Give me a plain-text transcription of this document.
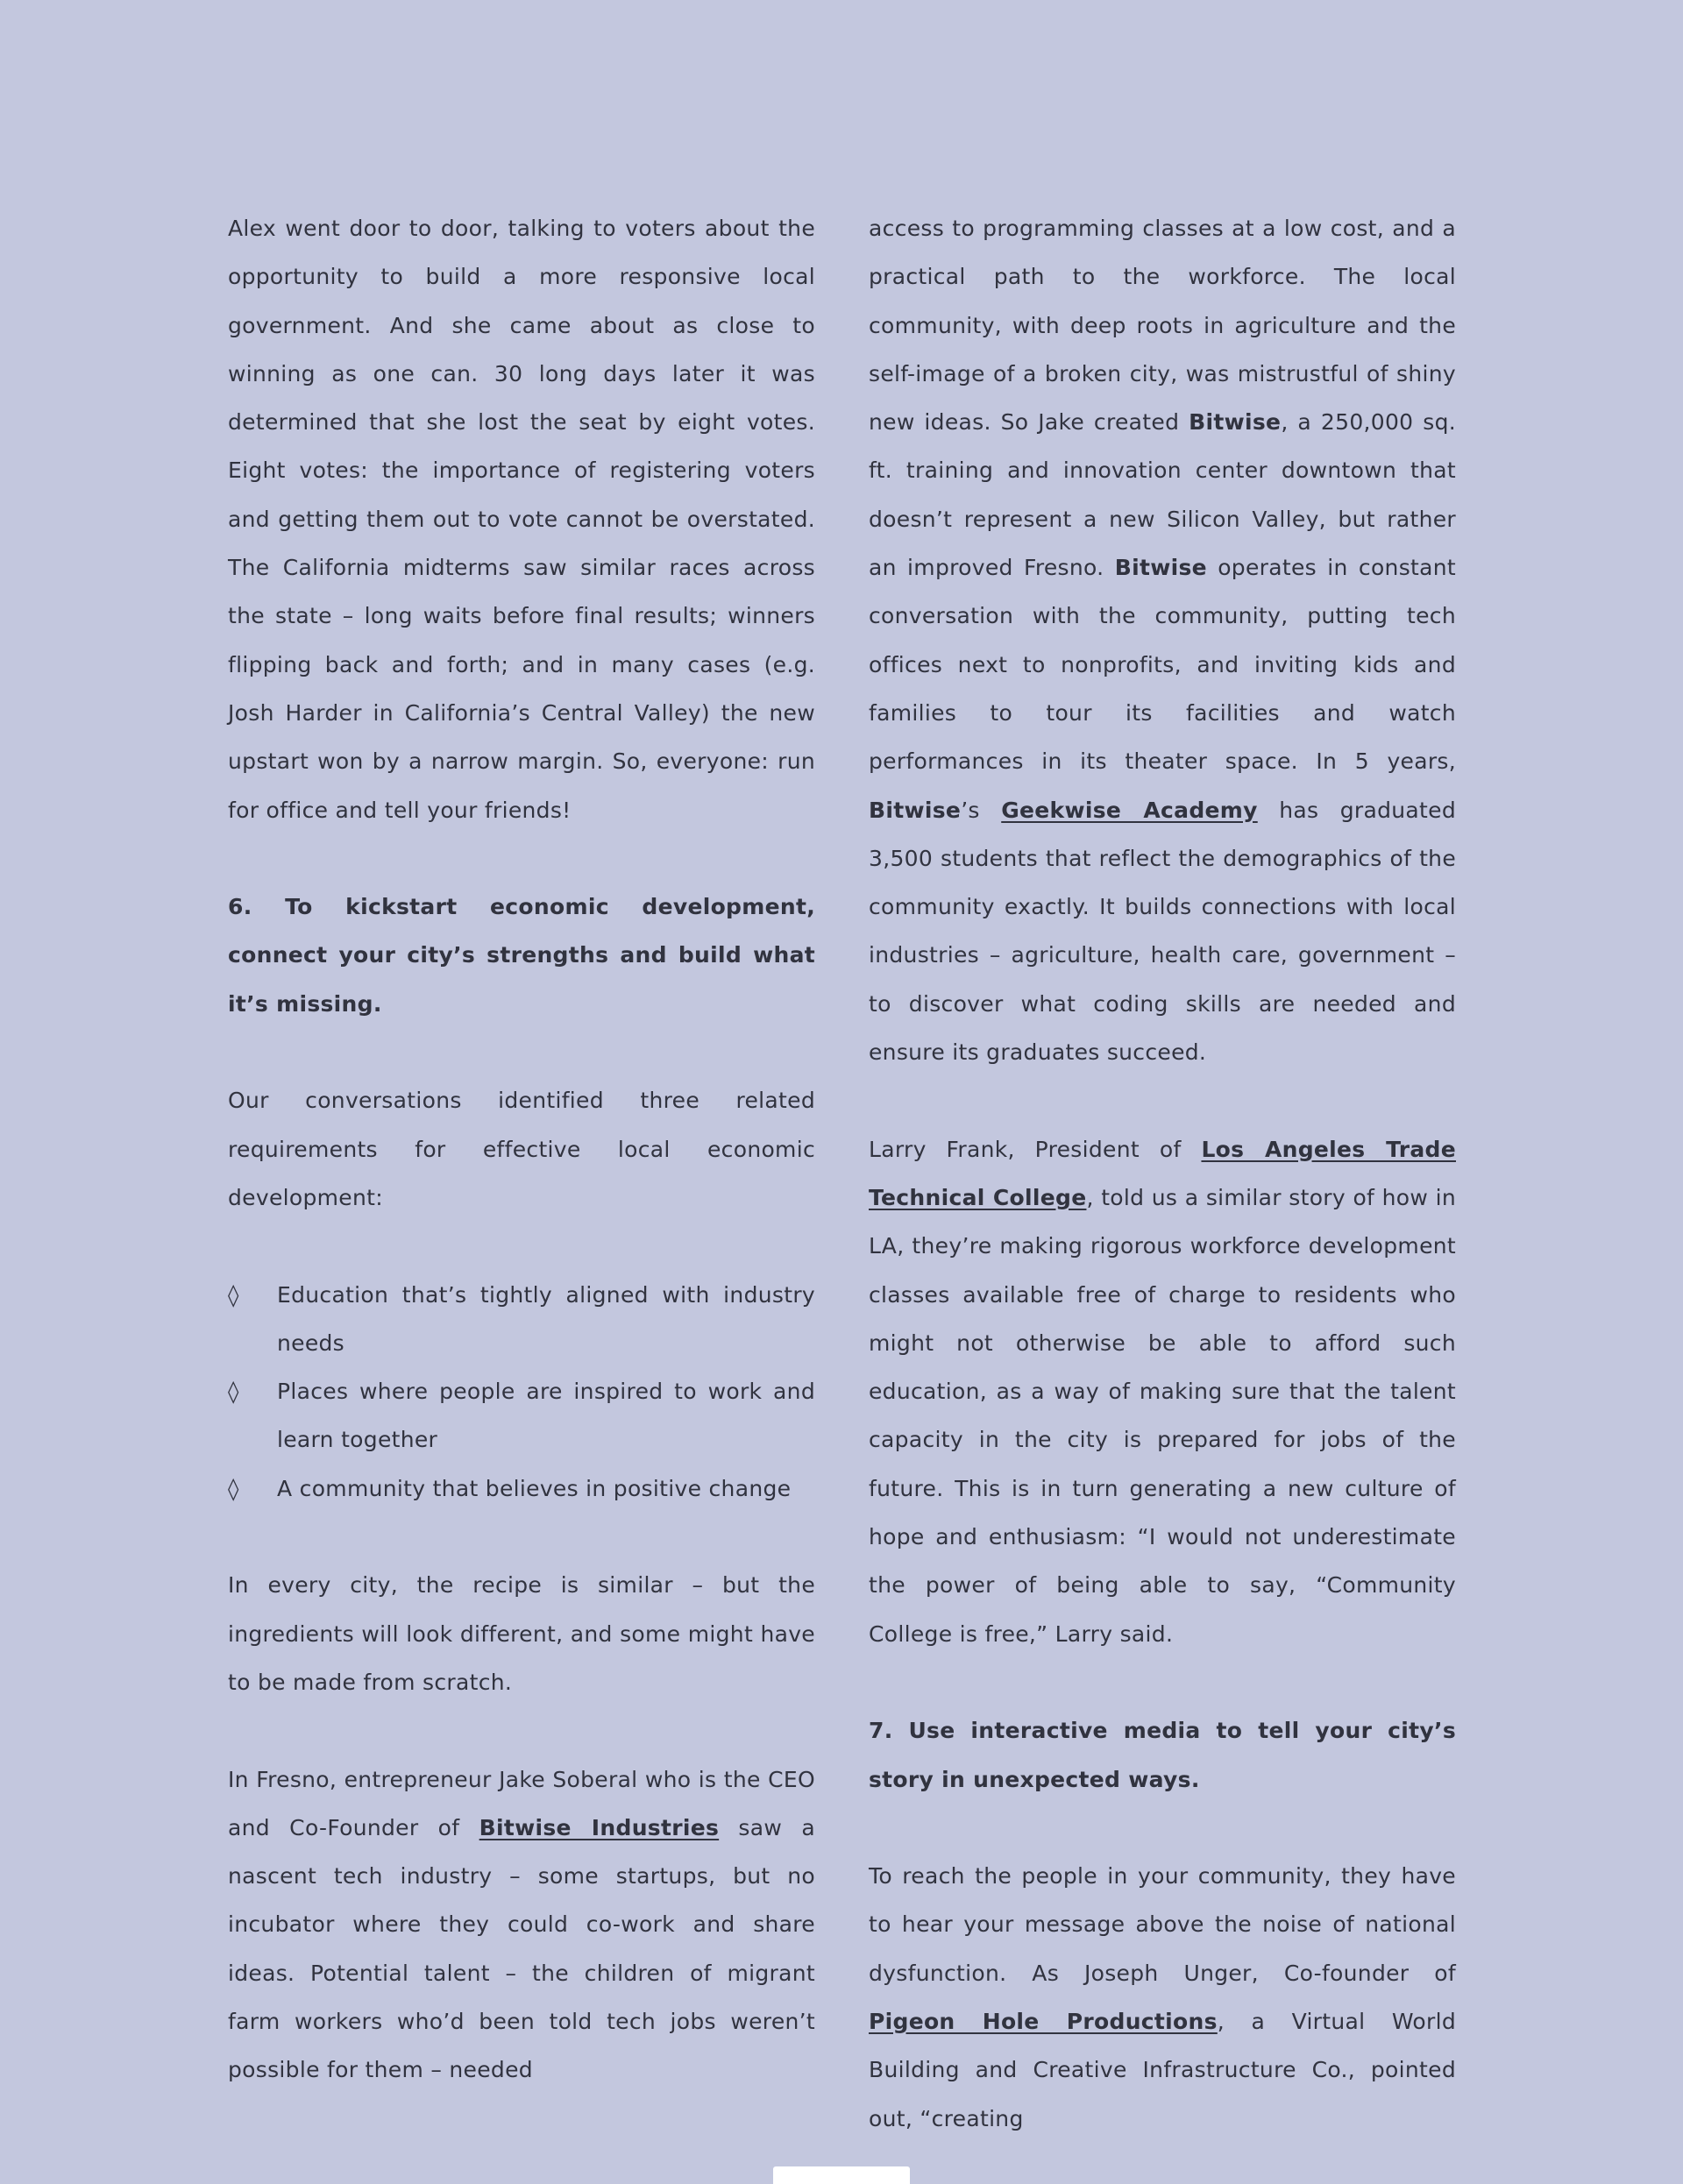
Alex went door to door, talking to voters about the opportunity to build a more responsive local government. And she came about as close to winning as one can. 30 long days later it was determined that she lost the seat by eight votes. Eight votes: the importance of registering voters and getting them out to vote cannot be overstated. The California midterms saw similar races across the state – long waits before final results; winners flipping back and forth; and in many cases (e.g. Josh Harder in California’s Central Valley) the new upstart won by a narrow margin. So, everyone: run for office and tell your friends!

6. To kickstart economic development, connect your city’s strengths and build what it’s missing.

Our conversations identified three related requirements for effective local economic development:

◊ Education that’s tightly aligned with industry needs
◊ Places where people are inspired to work and learn together
◊ A community that believes in positive change

In every city, the recipe is similar – but the ingredients will look different, and some might have to be made from scratch.

In Fresno, entrepreneur Jake Soberal who is the CEO and Co-Founder of Bitwise Industries saw a nascent tech industry – some startups, but no incubator where they could co-work and share ideas. Potential talent – the children of migrant farm workers who’d been told tech jobs weren’t possible for them – needed

access to programming classes at a low cost, and a practical path to the workforce. The local community, with deep roots in agriculture and the self-image of a broken city, was mistrustful of shiny new ideas. So Jake created Bitwise, a 250,000 sq. ft. training and innovation center downtown that doesn’t represent a new Silicon Valley, but rather an improved Fresno. Bitwise operates in constant conversation with the community, putting tech offices next to nonprofits, and inviting kids and families to tour its facilities and watch performances in its theater space. In 5 years, Bitwise’s Geekwise Academy has graduated 3,500 students that reflect the demographics of the community exactly. It builds connections with local industries – agriculture, health care, government – to discover what coding skills are needed and ensure its graduates succeed.

Larry Frank, President of Los Angeles Trade Technical College, told us a similar story of how in LA, they’re making rigorous workforce development classes available free of charge to residents who might not otherwise be able to afford such education, as a way of making sure that the talent capacity in the city is prepared for jobs of the future. This is in turn generating a new culture of hope and enthusiasm: “I would not underestimate the power of being able to say, “Community College is free,” Larry said.

7. Use interactive media to tell your city’s story in unexpected ways.

To reach the people in your community, they have to hear your message above the noise of national dysfunction. As Joseph Unger, Co-founder of Pigeon Hole Productions, a Virtual World Building and Creative Infrastructure Co., pointed out, “creating
